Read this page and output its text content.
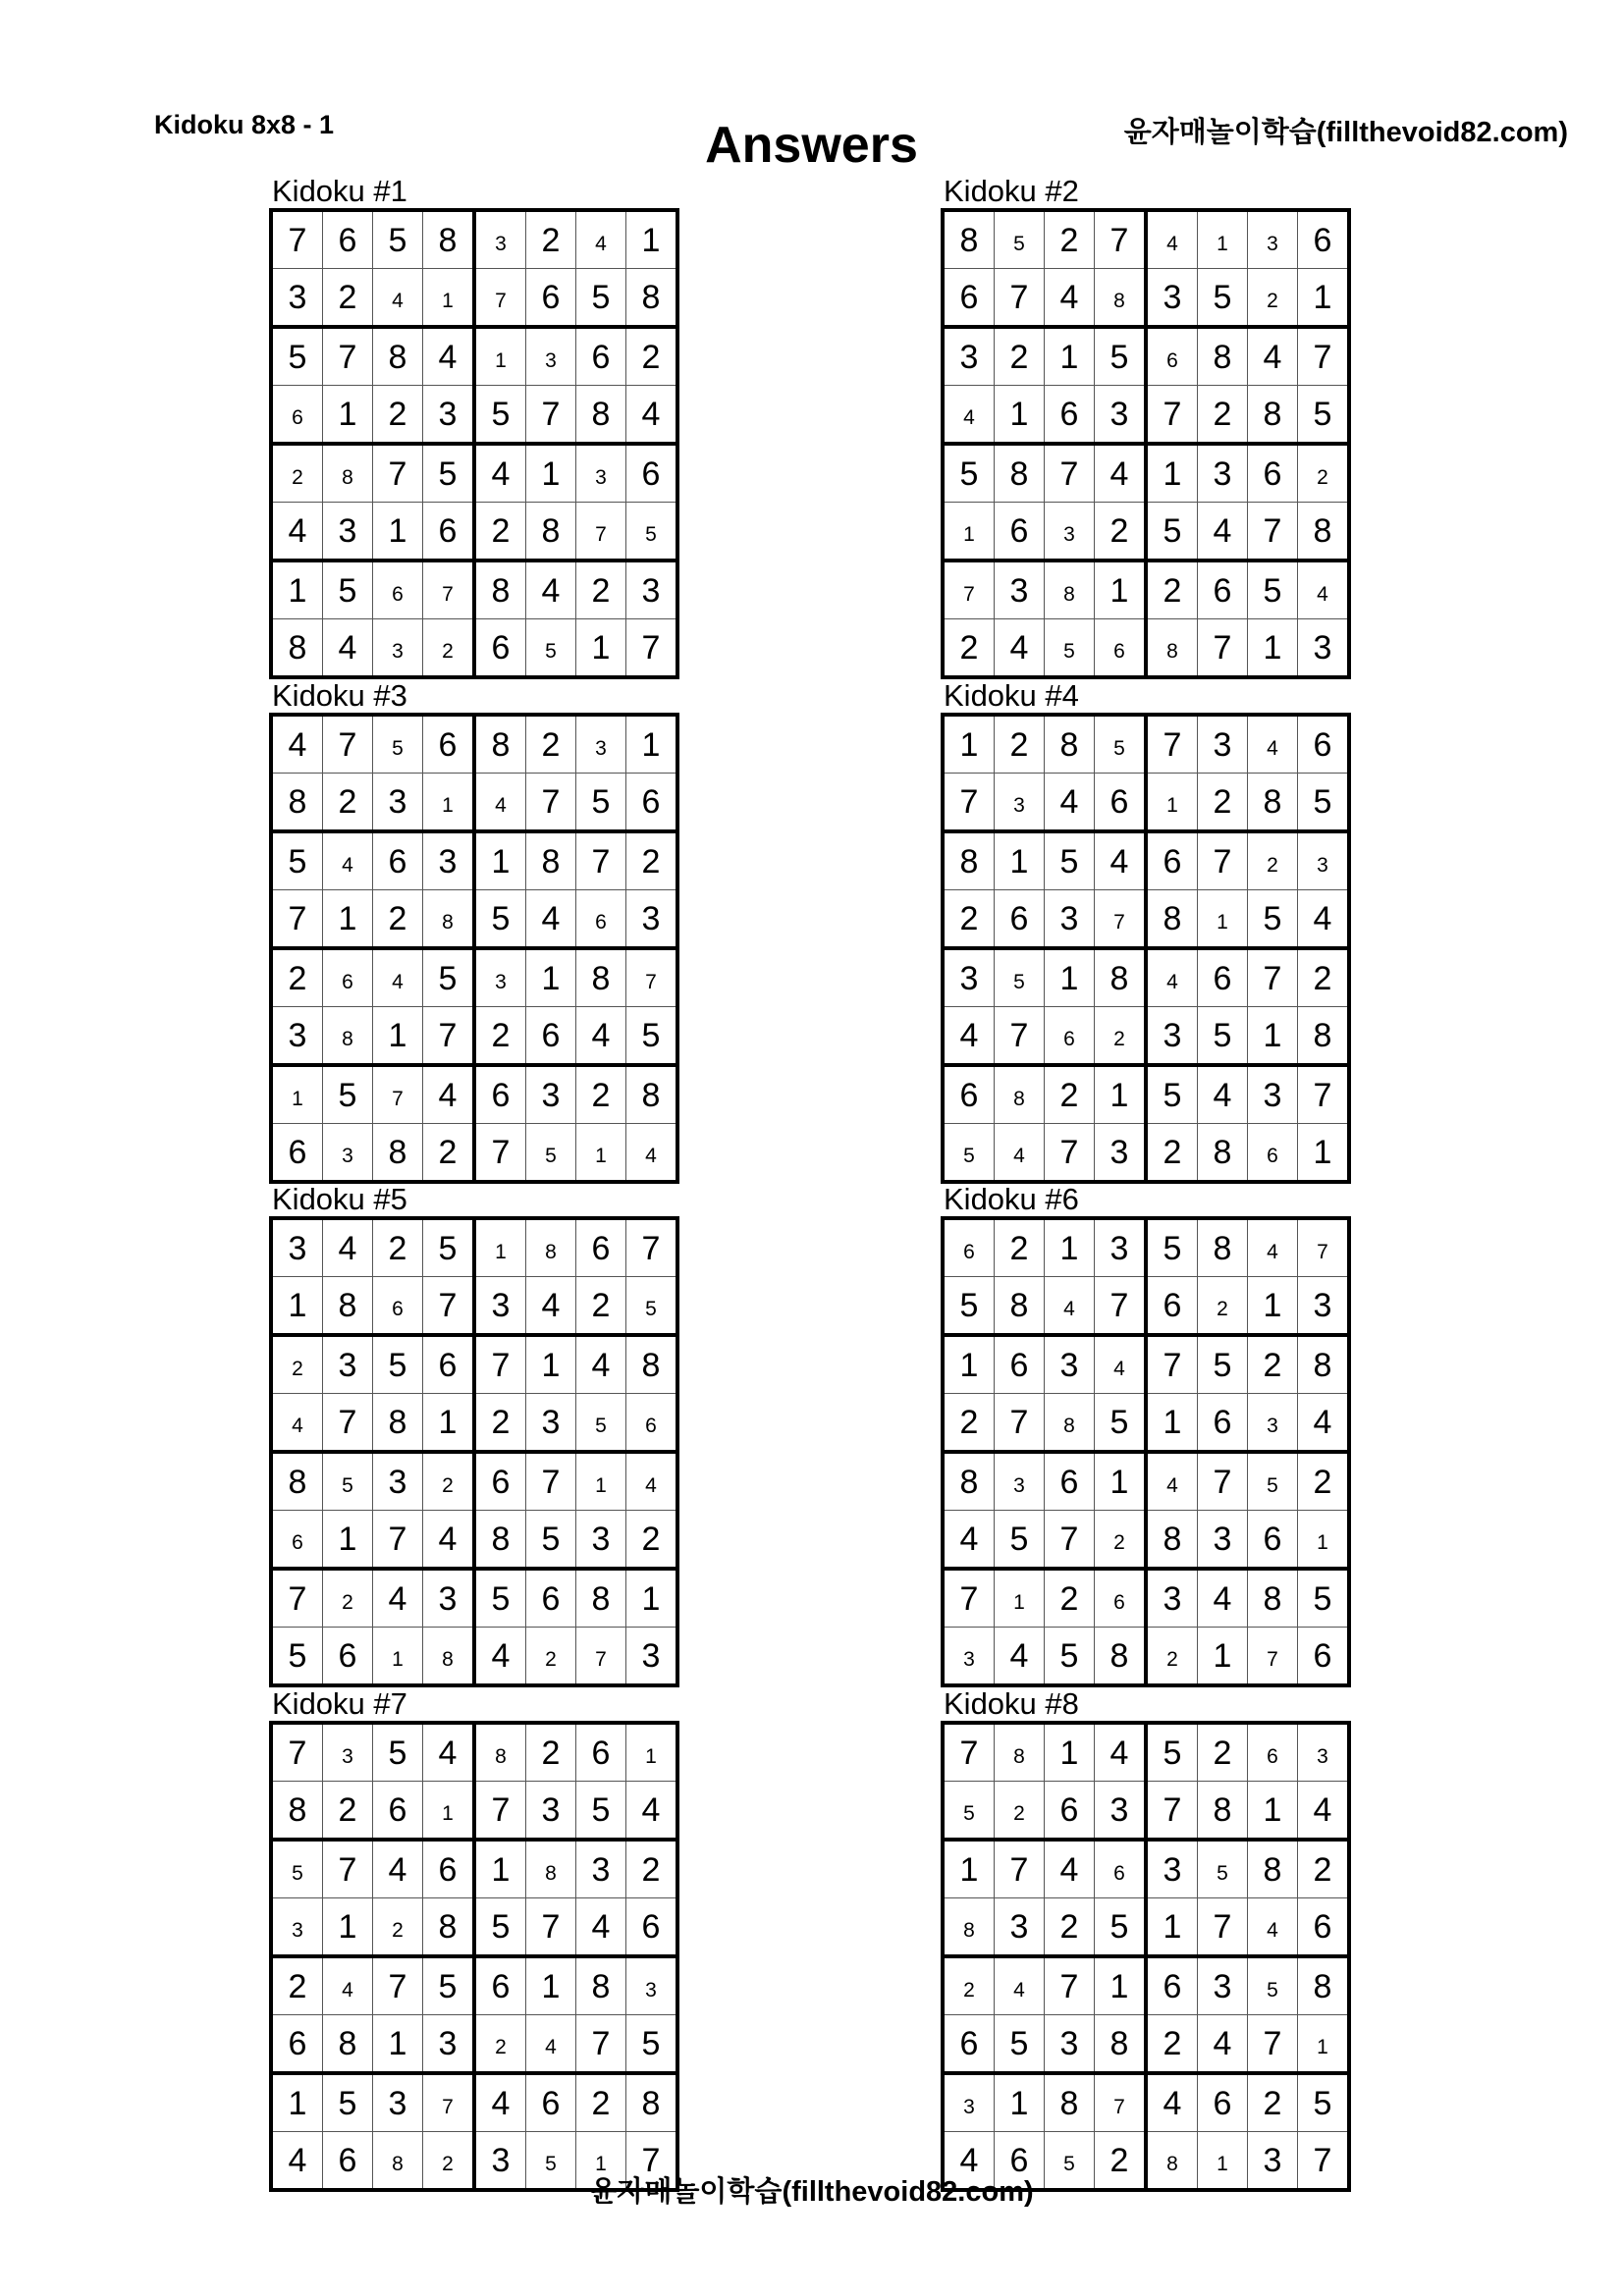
Kidoku 8x8 - 1	Answers	윤자매놀이학습(fillthevoid82.com)
Kidoku #1
7	6	5	8	3	2	4	1
3	2	4	1	7	6	5	8
5	7	8	4	1	3	6	2
6	1	2	3	5	7	8	4
2	8	7	5	4	1	3	6
4	3	1	6	2	8	7	5
1	5	6	7	8	4	2	3
8	4	3	2	6	5	1	7
Kidoku #2
8	5	2	7	4	1	3	6
6	7	4	8	3	5	2	1
3	2	1	5	6	8	4	7
4	1	6	3	7	2	8	5
5	8	7	4	1	3	6	2
1	6	3	2	5	4	7	8
7	3	8	1	2	6	5	4
2	4	5	6	8	7	1	3
Kidoku #3
4	7	5	6	8	2	3	1
8	2	3	1	4	7	5	6
5	4	6	3	1	8	7	2
7	1	2	8	5	4	6	3
2	6	4	5	3	1	8	7
3	8	1	7	2	6	4	5
1	5	7	4	6	3	2	8
6	3	8	2	7	5	1	4
Kidoku #4
1	2	8	5	7	3	4	6
7	3	4	6	1	2	8	5
8	1	5	4	6	7	2	3
2	6	3	7	8	1	5	4
3	5	1	8	4	6	7	2
4	7	6	2	3	5	1	8
6	8	2	1	5	4	3	7
5	4	7	3	2	8	6	1
Kidoku #5
3	4	2	5	1	8	6	7
1	8	6	7	3	4	2	5
2	3	5	6	7	1	4	8
4	7	8	1	2	3	5	6
8	5	3	2	6	7	1	4
6	1	7	4	8	5	3	2
7	2	4	3	5	6	8	1
5	6	1	8	4	2	7	3
Kidoku #6
6	2	1	3	5	8	4	7
5	8	4	7	6	2	1	3
1	6	3	4	7	5	2	8
2	7	8	5	1	6	3	4
8	3	6	1	4	7	5	2
4	5	7	2	8	3	6	1
7	1	2	6	3	4	8	5
3	4	5	8	2	1	7	6
Kidoku #7
7	3	5	4	8	2	6	1
8	2	6	1	7	3	5	4
5	7	4	6	1	8	3	2
3	1	2	8	5	7	4	6
2	4	7	5	6	1	8	3
6	8	1	3	2	4	7	5
1	5	3	7	4	6	2	8
4	6	8	2	3	5	1	7
Kidoku #8
7	8	1	4	5	2	6	3
5	2	6	3	7	8	1	4
1	7	4	6	3	5	8	2
8	3	2	5	1	7	4	6
2	4	7	1	6	3	5	8
6	5	3	8	2	4	7	1
3	1	8	7	4	6	2	5
4	6	5	2	8	1	3	7
윤자매놀이학습(fillthevoid82.com)
